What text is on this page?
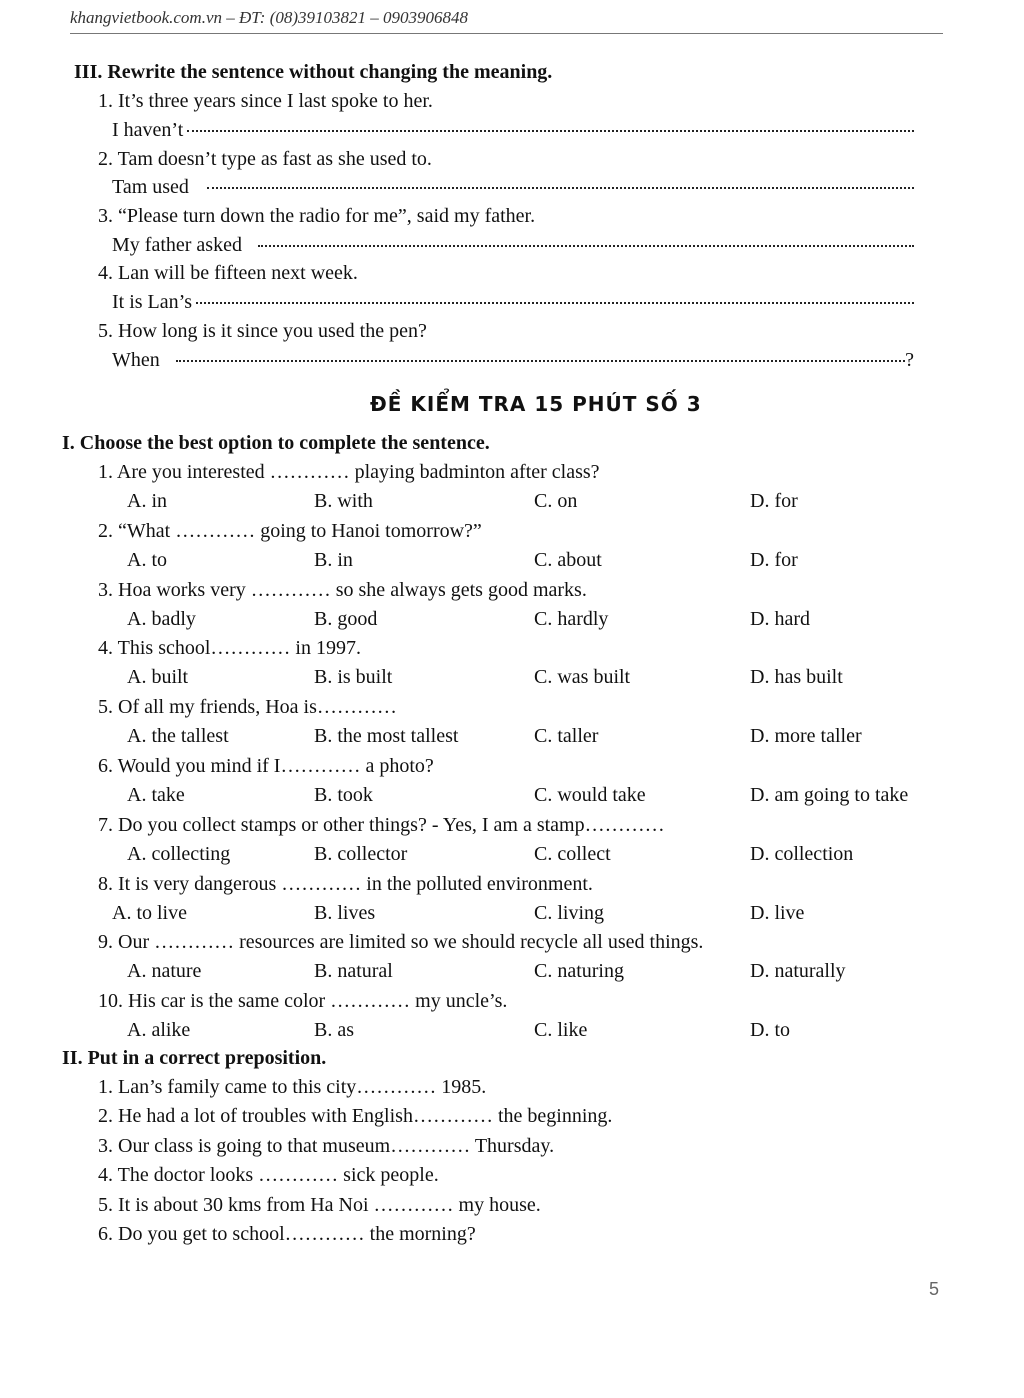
khangvietbook.com.vn – ĐT: (08)39103821 – 0903906848
III. Rewrite the sentence without changing the meaning.
1. It’s three years since I last spoke to her.
I haven’t
2. Tam doesn’t type as fast as she used to.
Tam used
3. “Please turn down the radio for me”, said my father.
My father asked
4. Lan will be fifteen next week.
It is Lan’s
5. How long is it since you used the pen?
When	?
ĐỀ KIỂM TRA 15 PHÚT SỐ 3
I. Choose the best option to complete the sentence.
1. Are you interested ………… playing badminton after class?
A. in	B. with	C. on	D. for
2. “What ………… going to Hanoi tomorrow?”
A. to	B. in	C. about	D. for
3. Hoa works very ………… so she always gets good marks.
A. badly	B. good	C. hardly	D. hard
4. This school………… in 1997.
A. built	B. is built	C. was built	D. has built
5. Of all my friends, Hoa is…………
A. the tallest	B. the most tallest	C. taller	D. more taller
6. Would you mind if I………… a photo?
A. take	B. took	C. would take	D. am going to take
7. Do you collect stamps or other things? - Yes, I am a stamp…………
A. collecting	B. collector	C. collect	D. collection
8. It is very dangerous ………… in the polluted environment.
A. to live	B. lives	C. living	D. live
9. Our ………… resources are limited so we should recycle all used things.
A. nature	B. natural	C. naturing	D. naturally
10. His car is the same color ………… my uncle’s.
A. alike	B. as	C. like	D. to
II. Put in a correct preposition.
1. Lan’s family came to this city………… 1985.
2. He had a lot of troubles with English………… the beginning.
3. Our class is going to that museum………… Thursday.
4. The doctor looks ………… sick people.
5. It is about 30 kms from Ha Noi ………… my house.
6. Do you get to school………… the morning?
5
